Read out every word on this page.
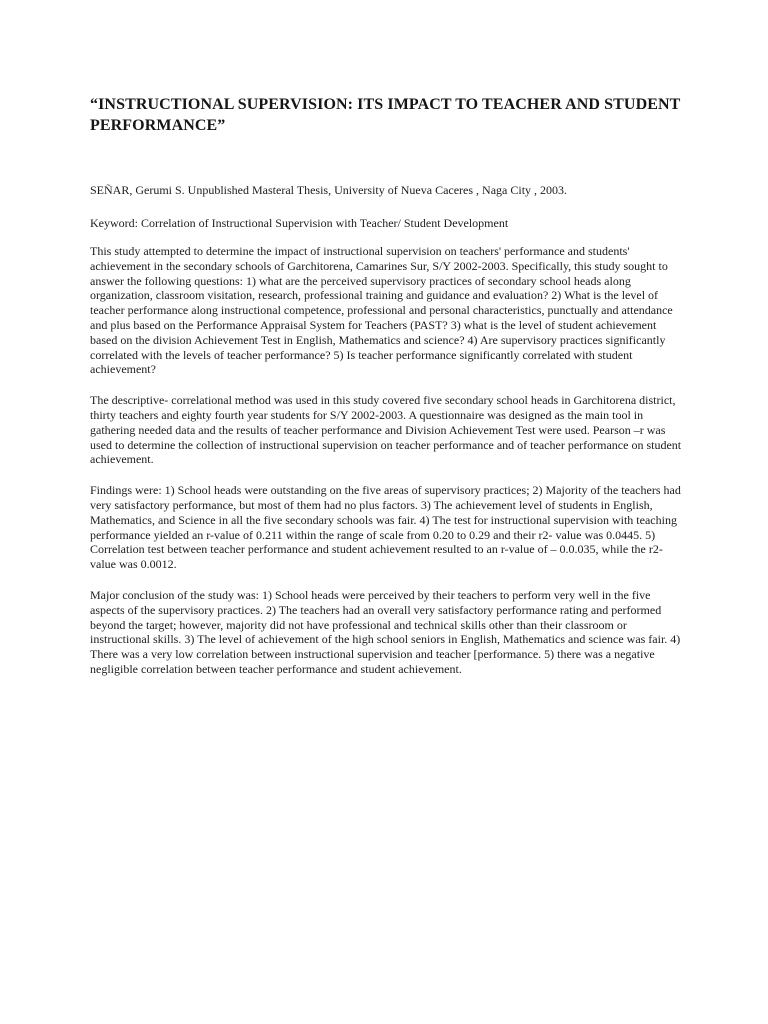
“INSTRUCTIONAL SUPERVISION: ITS IMPACT TO TEACHER AND STUDENT PERFORMANCE”

SEÑAR, Gerumi S. Unpublished Masteral Thesis, University of Nueva Caceres , Naga City , 2003.

Keyword: Correlation of Instructional Supervision with Teacher/ Student Development

This study attempted to determine the impact of instructional supervision on teachers' performance and students' achievement in the secondary schools of Garchitorena, Camarines Sur, S/Y 2002-2003. Specifically, this study sought to answer the following questions: 1) what are the perceived supervisory practices of secondary school heads along organization, classroom visitation, research, professional training and guidance and evaluation? 2) What is the level of teacher performance along instructional competence, professional and personal characteristics, punctually and attendance and plus based on the Performance Appraisal System for Teachers (PAST? 3) what is the level of student achievement based on the division Achievement Test in English, Mathematics and science? 4) Are supervisory practices significantly correlated with the levels of teacher performance? 5) Is teacher performance significantly correlated with student achievement?

The descriptive- correlational method was used in this study covered five secondary school heads in Garchitorena district, thirty teachers and eighty fourth year students for S/Y 2002-2003. A questionnaire was designed as the main tool in gathering needed data and the results of teacher performance and Division Achievement Test were used. Pearson –r was used to determine the collection of instructional supervision on teacher performance and of teacher performance on student achievement.

Findings were: 1) School heads were outstanding on the five areas of supervisory practices; 2) Majority of the teachers had very satisfactory performance, but most of them had no plus factors. 3) The achievement level of students in English, Mathematics, and Science in all the five secondary schools was fair. 4) The test for instructional supervision with teaching performance yielded an r-value of 0.211 within the range of scale from 0.20 to 0.29 and their r2- value was 0.0445. 5) Correlation test between teacher performance and student achievement resulted to an r-value of – 0.0.035, while the r2- value was 0.0012.

Major conclusion of the study was: 1) School heads were perceived by their teachers to perform very well in the five aspects of the supervisory practices. 2) The teachers had an overall very satisfactory performance rating and performed beyond the target; however, majority did not have professional and technical skills other than their classroom or instructional skills. 3) The level of achievement of the high school seniors in English, Mathematics and science was fair. 4) There was a very low correlation between instructional supervision and teacher [performance. 5) there was a negative negligible correlation between teacher performance and student achievement.
